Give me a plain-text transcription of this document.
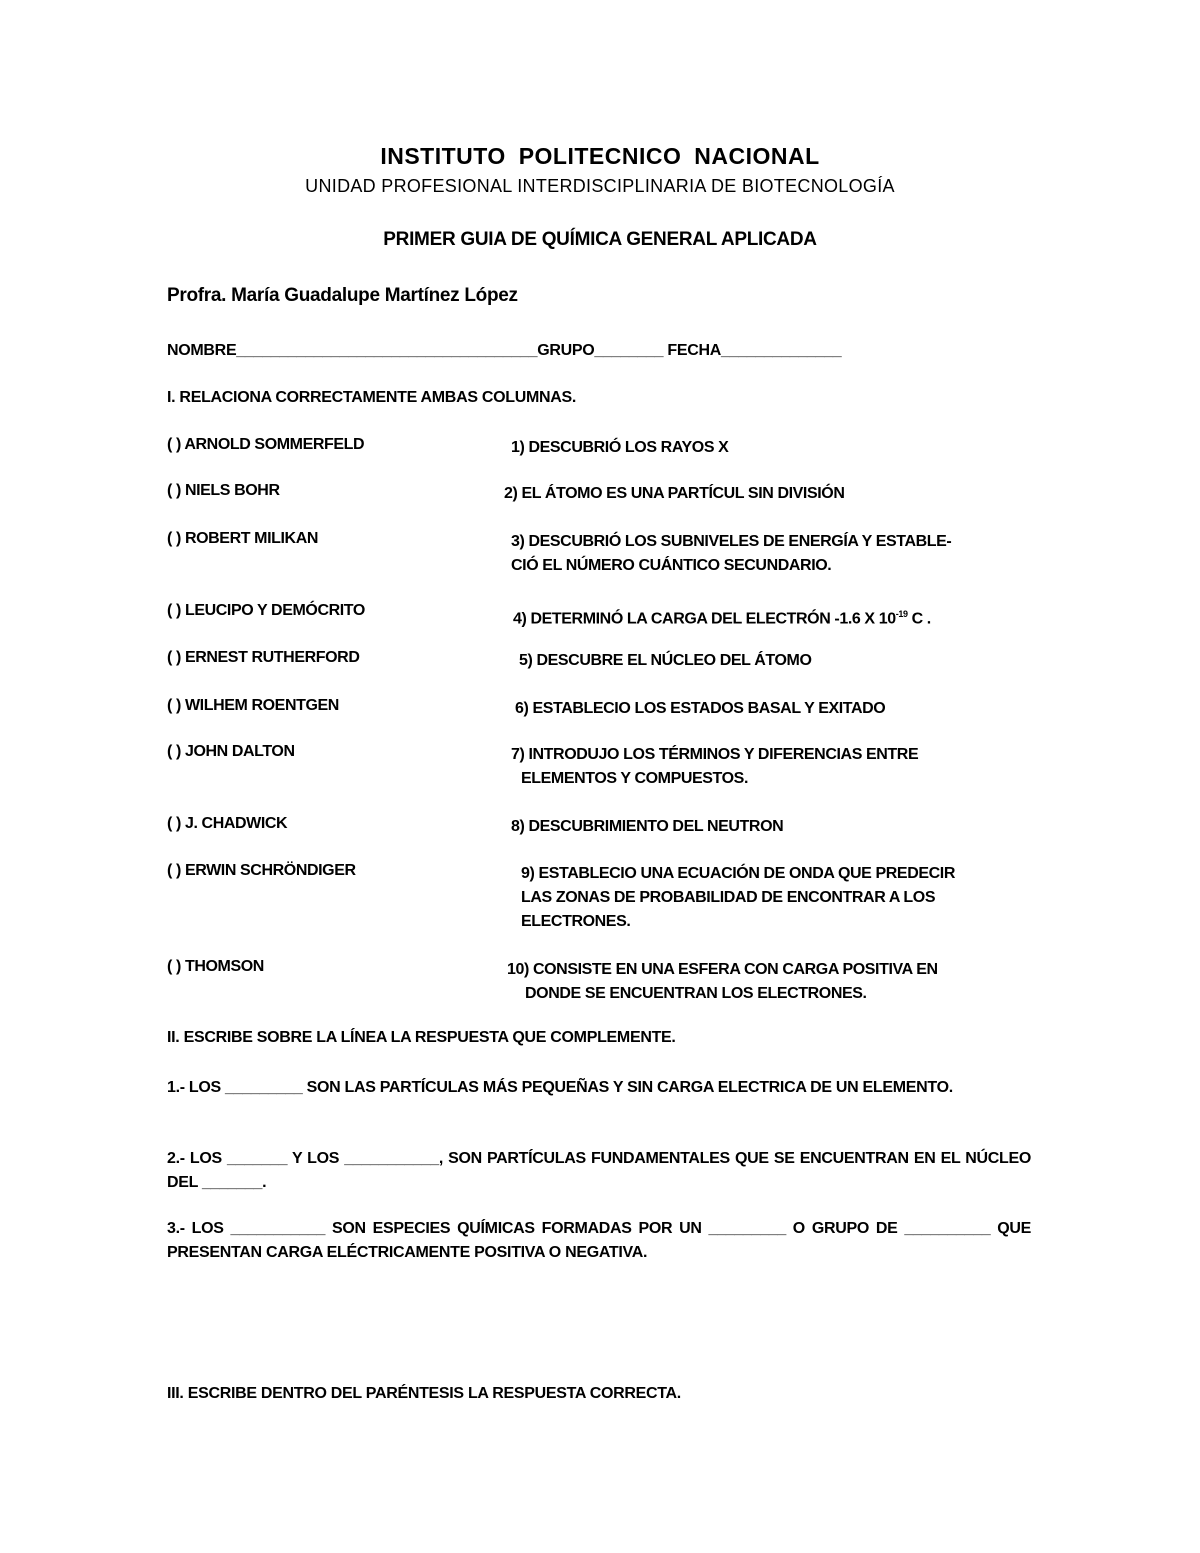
INSTITUTO POLITECNICO NACIONAL
UNIDAD PROFESIONAL INTERDISCIPLINARIA DE BIOTECNOLOGÍA
PRIMER GUIA DE QUÍMICA GENERAL APLICADA
Profra. María Guadalupe Martínez López
NOMBRE___________________________________GRUPO________ FECHA______________
I. RELACIONA CORRECTAMENTE AMBAS COLUMNAS.
( ) ARNOLD SOMMERFELD	1) DESCUBRIÓ LOS RAYOS X
( ) NIELS BOHR	2) EL ÁTOMO ES UNA PARTÍCUL SIN DIVISIÓN
( ) ROBERT MILIKAN	3) DESCUBRIÓ LOS SUBNIVELES DE ENERGÍA Y ESTABLE-
CIÓ EL NÚMERO CUÁNTICO SECUNDARIO.
( ) LEUCIPO Y DEMÓCRITO	4) DETERMINÓ LA CARGA DEL ELECTRÓN -1.6 X $10^{-19}$ C .
( ) ERNEST RUTHERFORD	5) DESCUBRE EL NÚCLEO DEL ÁTOMO
( ) WILHEM ROENTGEN	6) ESTABLECIO LOS ESTADOS BASAL Y EXITADO
( ) JOHN DALTON	7) INTRODUJO LOS TÉRMINOS Y DIFERENCIAS ENTRE
ELEMENTOS Y COMPUESTOS.
( ) J. CHADWICK	8) DESCUBRIMIENTO DEL NEUTRON
( ) ERWIN SCHRÖNDIGER	9) ESTABLECIO UNA ECUACIÓN DE ONDA QUE PREDECIR
LAS ZONAS DE PROBABILIDAD DE ENCONTRAR A LOS
ELECTRONES.
( ) THOMSON	10) CONSISTE EN UNA ESFERA CON CARGA POSITIVA EN
DONDE SE ENCUENTRAN LOS ELECTRONES.
II. ESCRIBE SOBRE LA LÍNEA LA RESPUESTA QUE COMPLEMENTE.
1.- LOS _________ SON LAS PARTÍCULAS MÁS PEQUEÑAS Y SIN CARGA ELECTRICA DE UN ELEMENTO.
2.- LOS _______ Y LOS ___________, SON PARTÍCULAS FUNDAMENTALES QUE SE ENCUENTRAN EN EL NÚCLEO DEL _______.
3.- LOS ___________ SON ESPECIES QUÍMICAS FORMADAS POR UN _________ O GRUPO DE __________ QUE PRESENTAN CARGA ELÉCTRICAMENTE POSITIVA O NEGATIVA.
III. ESCRIBE DENTRO DEL PARÉNTESIS LA RESPUESTA CORRECTA.
